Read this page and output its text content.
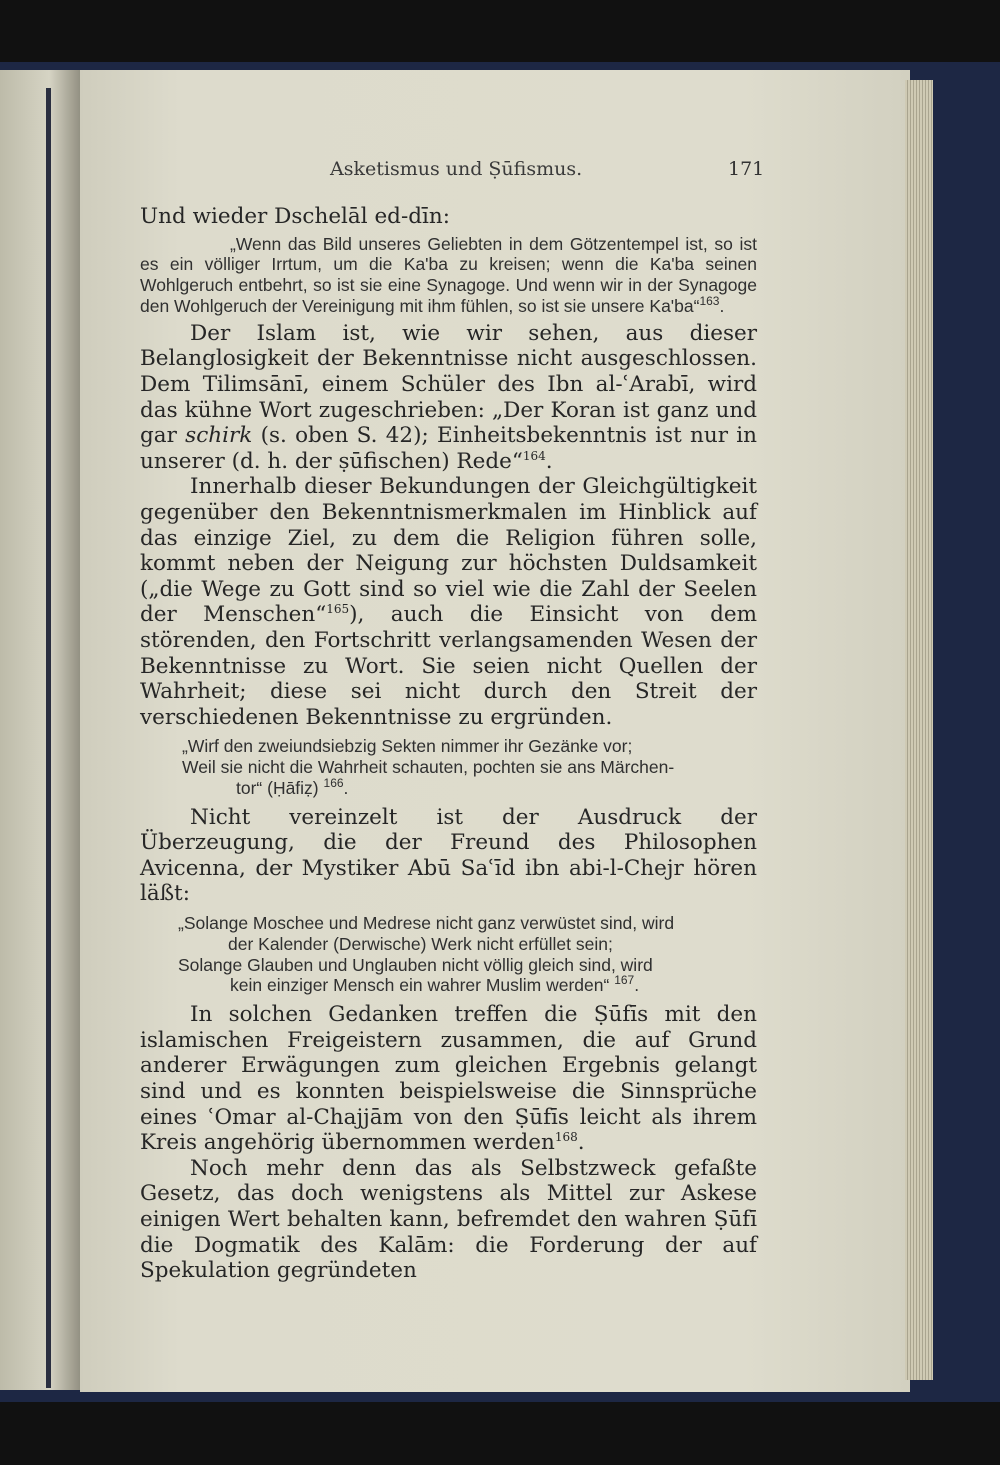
Asketismus und Ṣūfismus.	171

Und wieder Dschelāl ed-dīn:

„Wenn das Bild unseres Geliebten in dem Götzentempel ist, so ist es ein völliger Irrtum, um die Ka'ba zu kreisen; wenn die Ka'ba seinen Wohlgeruch entbehrt, so ist sie eine Synagoge. Und wenn wir in der Synagoge den Wohlgeruch der Vereinigung mit ihm fühlen, so ist sie unsere Ka'ba“$^{163}$.

Der Islam ist, wie wir sehen, aus dieser Belanglosigkeit der Bekenntnisse nicht ausgeschlossen. Dem Tilimsānī, einem Schüler des Ibn al-ʿArabī, wird das kühne Wort zugeschrieben: „Der Koran ist ganz und gar schirk (s. oben S. 42); Einheitsbekenntnis ist nur in unserer (d. h. der ṣūfischen) Rede“$^{164}$.

Innerhalb dieser Bekundungen der Gleichgültigkeit gegenüber den Bekenntnismerkmalen im Hinblick auf das einzige Ziel, zu dem die Religion führen solle, kommt neben der Neigung zur höchsten Duldsamkeit („die Wege zu Gott sind so viel wie die Zahl der Seelen der Menschen“$^{165}$), auch die Einsicht von dem störenden, den Fortschritt verlangsamenden Wesen der Bekenntnisse zu Wort. Sie seien nicht Quellen der Wahrheit; diese sei nicht durch den Streit der verschiedenen Bekenntnisse zu ergründen.

„Wirf den zweiundsiebzig Sekten nimmer ihr Gezänke vor;
Weil sie nicht die Wahrheit schauten, pochten sie ans Märchen-
tor“ (Ḥāfiẓ) $^{166}$.

Nicht vereinzelt ist der Ausdruck der Überzeugung, die der Freund des Philosophen Avicenna, der Mystiker Abū Saʿīd ibn abi-l-Chejr hören läßt:

„Solange Moschee und Medrese nicht ganz verwüstet sind, wird
der Kalender (Derwische) Werk nicht erfüllet sein;
Solange Glauben und Unglauben nicht völlig gleich sind, wird
kein einziger Mensch ein wahrer Muslim werden“ $^{167}$.

In solchen Gedanken treffen die Ṣūfīs mit den islamischen Freigeistern zusammen, die auf Grund anderer Erwägungen zum gleichen Ergebnis gelangt sind und es konnten beispielsweise die Sinnsprüche eines ʿOmar al-Chajjām von den Ṣūfīs leicht als ihrem Kreis angehörig übernommen werden$^{168}$.

Noch mehr denn das als Selbstzweck gefaßte Gesetz, das doch wenigstens als Mittel zur Askese einigen Wert behalten kann, befremdet den wahren Ṣūfī die Dogmatik des Kalām: die Forderung der auf Spekulation gegründeten
